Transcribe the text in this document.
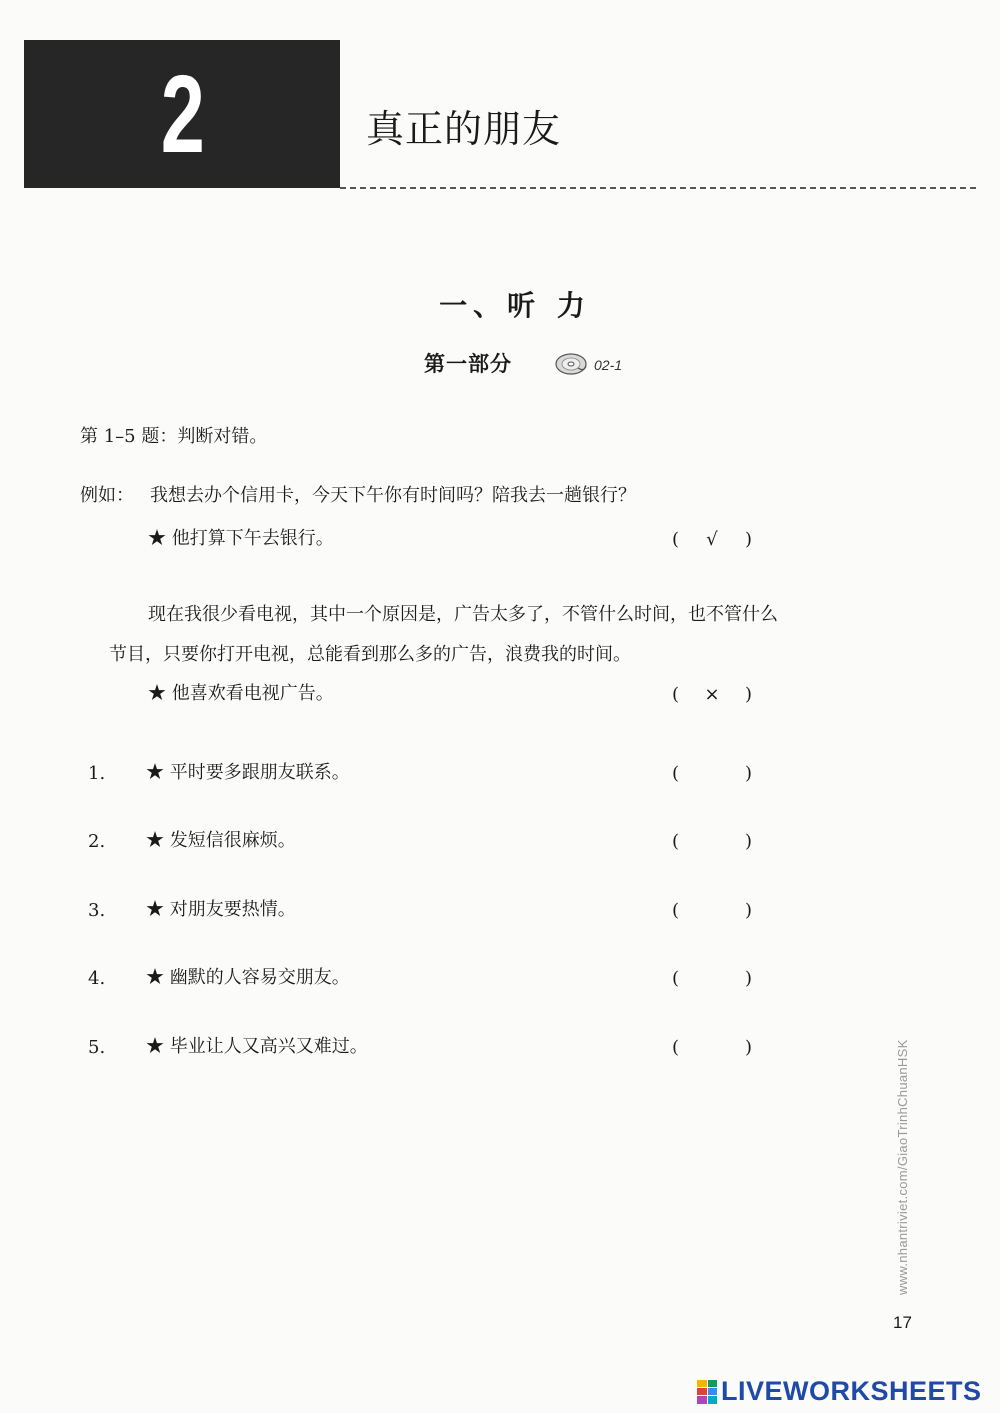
2	真正的朋友
一、听 力
第一部分	02-1
第 1–5 题：判断对错。
例如： 我想去办个信用卡，今天下午你有时间吗？陪我去一趟银行？
★ 他打算下午去银行。	(	√	)
现在我很少看电视，其中一个原因是，广告太多了，不管什么时间，也不管什么
节目，只要你打开电视，总能看到那么多的广告，浪费我的时间。
★ 他喜欢看电视广告。	(	×	)
1. ★ 平时要多跟朋友联系。	(	)
2. ★ 发短信很麻烦。	(	)
3. ★ 对朋友要热情。	(	)
4. ★ 幽默的人容易交朋友。	(	)
5. ★ 毕业让人又高兴又难过。	(	)	www.nhantriviet.com/GiaoTrinhChuanHSK
17
LIVEWORKSHEETS
